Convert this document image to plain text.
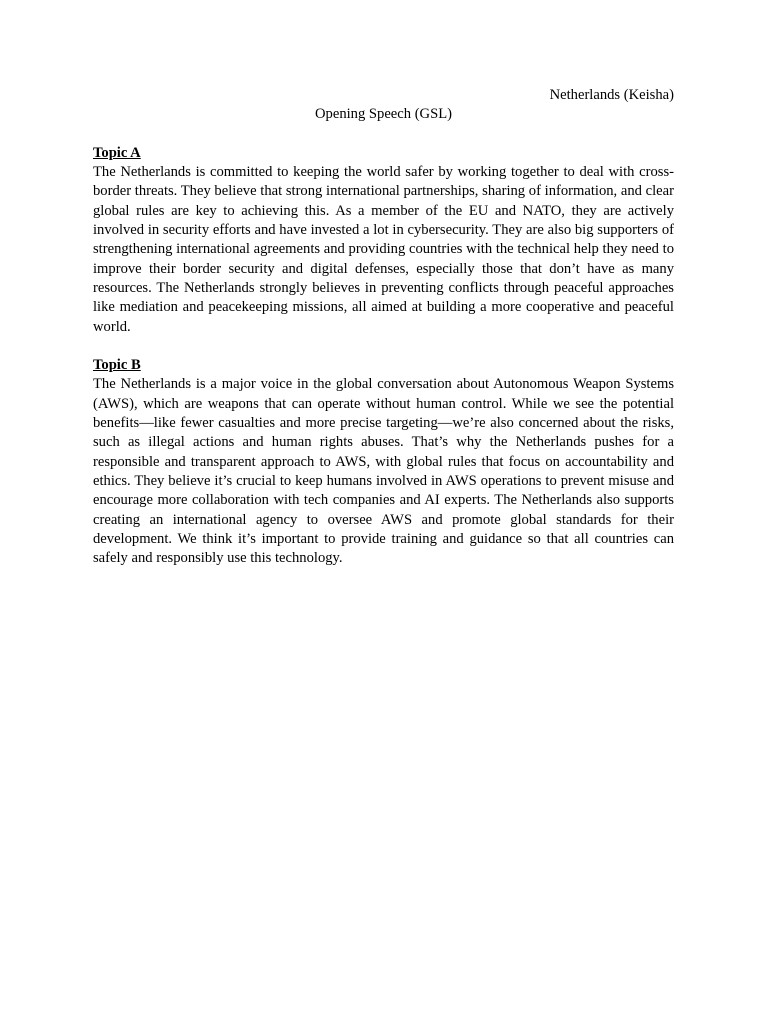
Netherlands (Keisha)

Opening Speech (GSL)

Topic A

The Netherlands is committed to keeping the world safer by working together to deal with cross-border threats. They believe that strong international partnerships, sharing of information, and clear global rules are key to achieving this. As a member of the EU and NATO, they are actively involved in security efforts and have invested a lot in cybersecurity. They are also big supporters of strengthening international agreements and providing countries with the technical help they need to improve their border security and digital defenses, especially those that don’t have as many resources. The Netherlands strongly believes in preventing conflicts through peaceful approaches like mediation and peacekeeping missions, all aimed at building a more cooperative and peaceful world.

Topic B

The Netherlands is a major voice in the global conversation about Autonomous Weapon Systems (AWS), which are weapons that can operate without human control. While we see the potential benefits—like fewer casualties and more precise targeting—we’re also concerned about the risks, such as illegal actions and human rights abuses. That’s why the Netherlands pushes for a responsible and transparent approach to AWS, with global rules that focus on accountability and ethics. They believe it’s crucial to keep humans involved in AWS operations to prevent misuse and encourage more collaboration with tech companies and AI experts. The Netherlands also supports creating an international agency to oversee AWS and promote global standards for their development. We think it’s important to provide training and guidance so that all countries can safely and responsibly use this technology.
